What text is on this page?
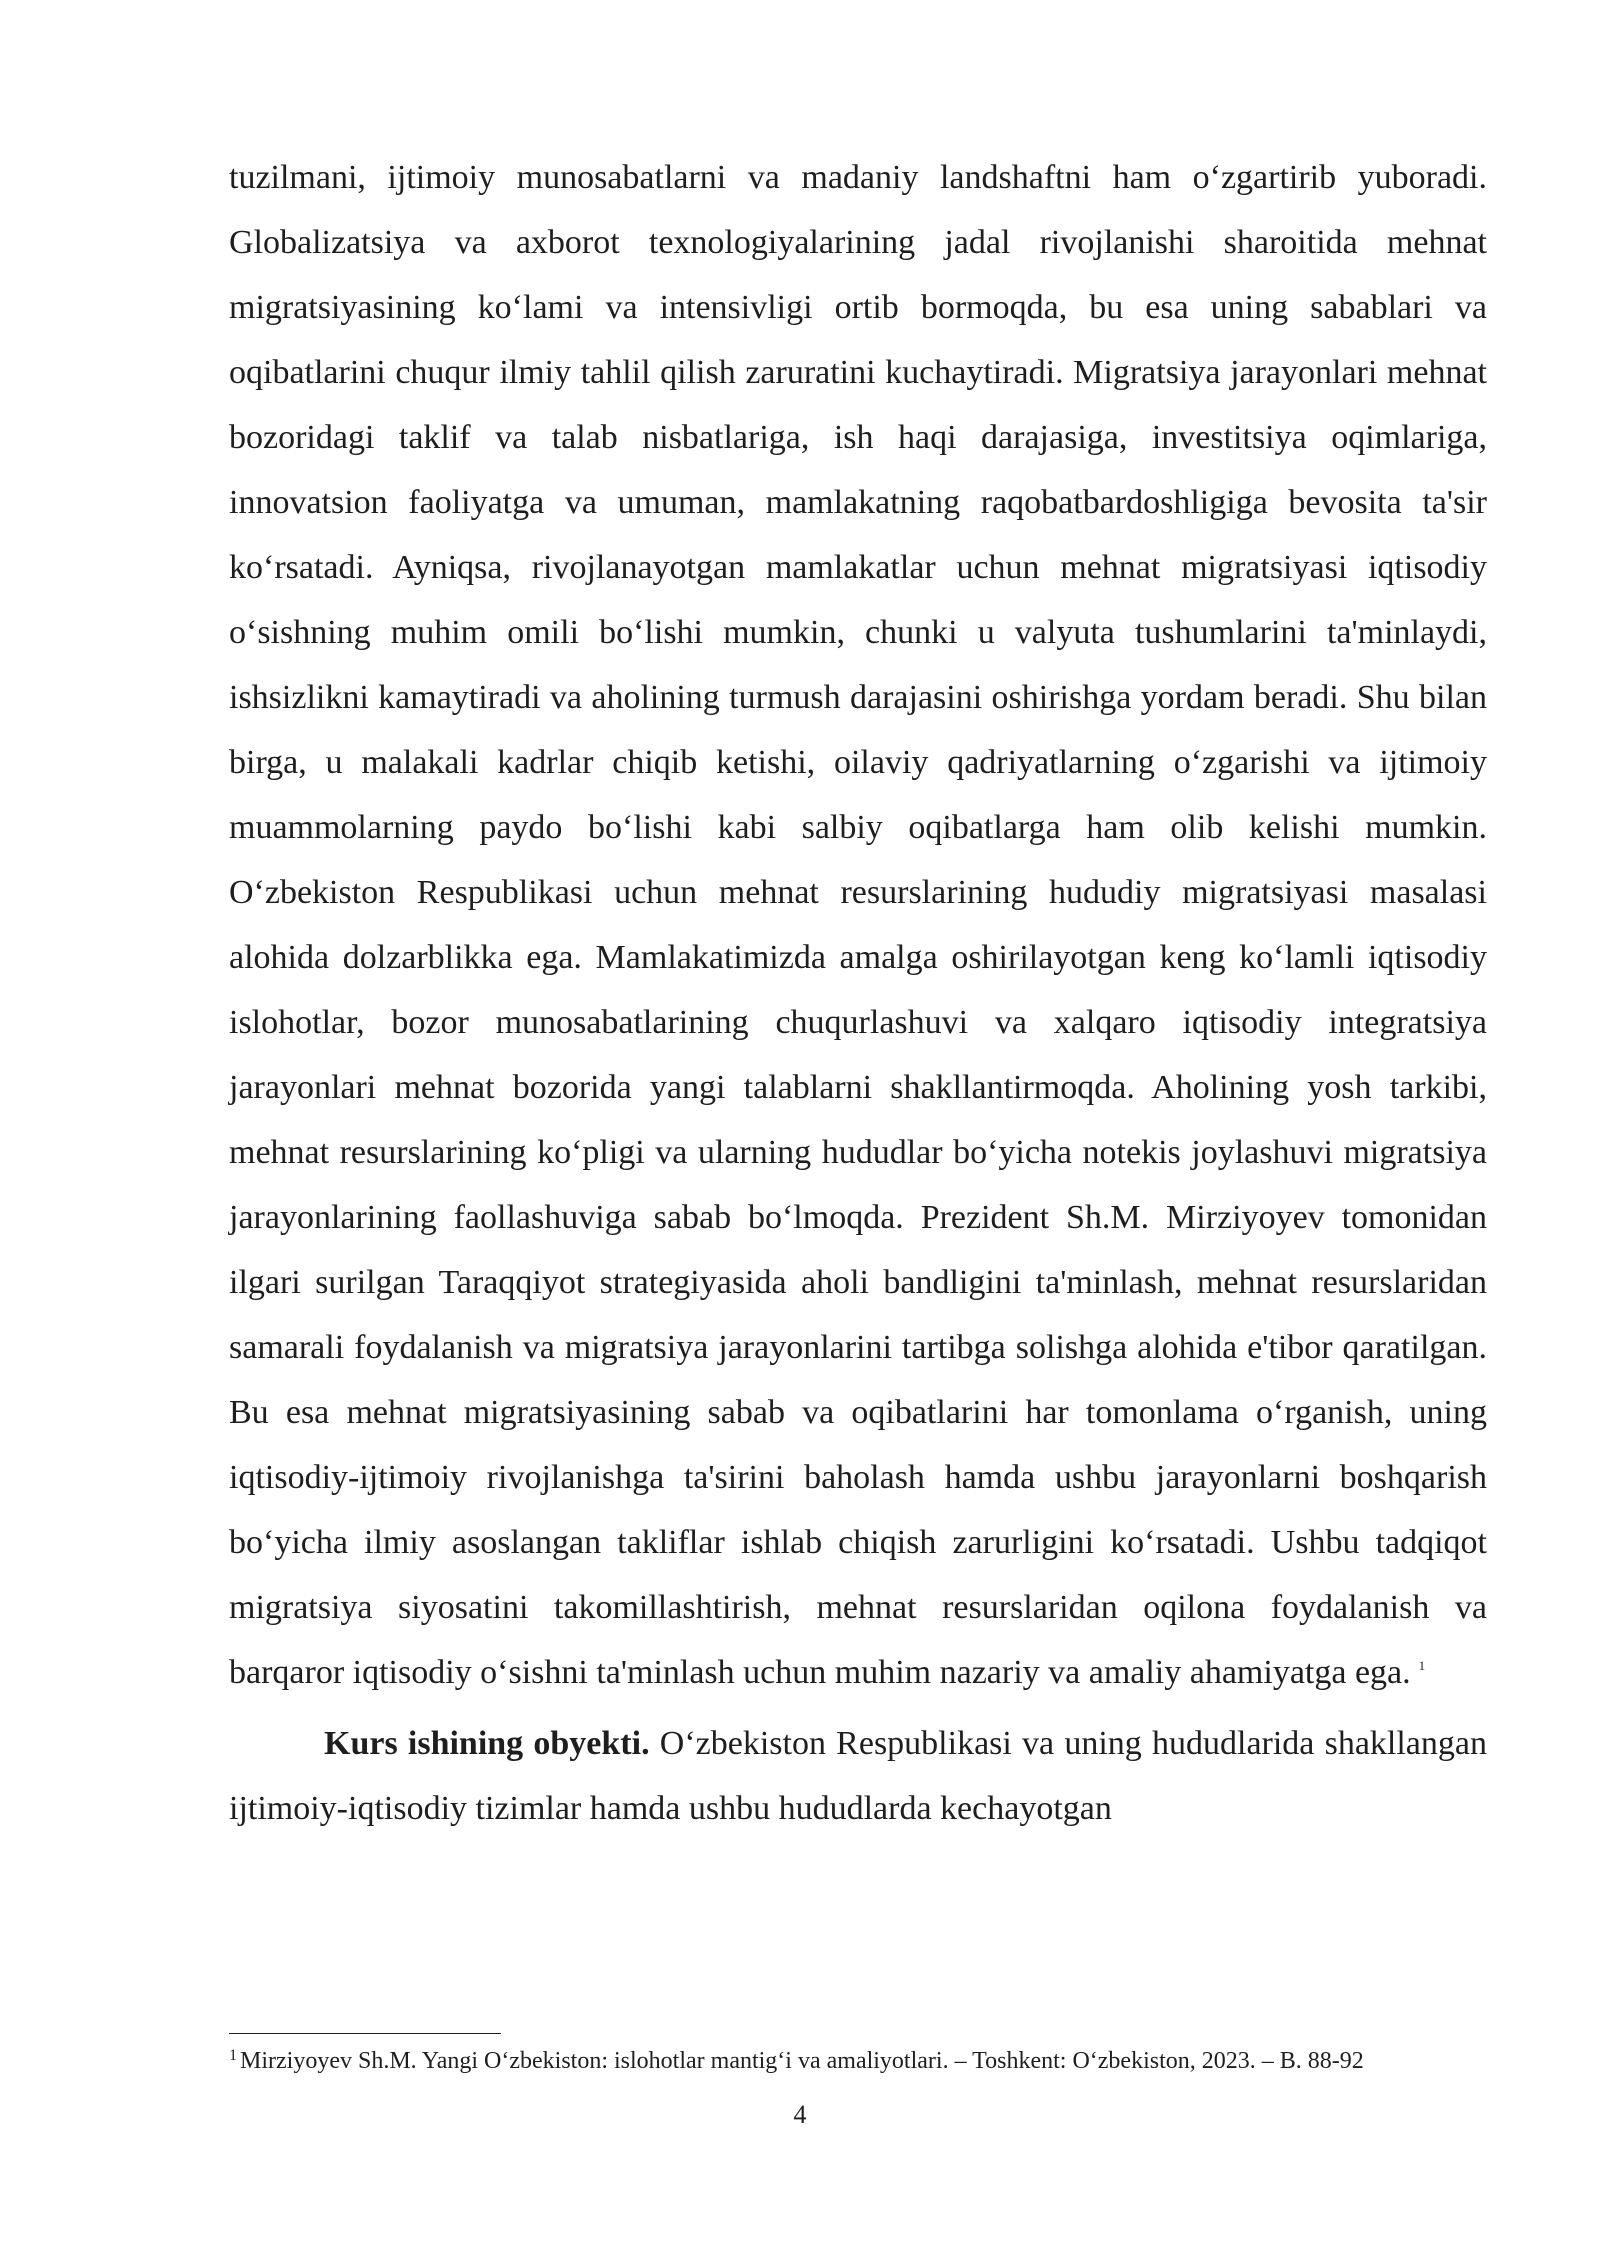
tuzilmani, ijtimoiy munosabatlarni va madaniy landshaftni ham oʻzgartirib yuboradi. Globalizatsiya va axborot texnologiyalarining jadal rivojlanishi sharoitida mehnat migratsiyasining koʻlami va intensivligi ortib bormoqda, bu esa uning sabablari va oqibatlarini chuqur ilmiy tahlil qilish zaruratini kuchaytiradi. Migratsiya jarayonlari mehnat bozoridagi taklif va talab nisbatlariga, ish haqi darajasiga, investitsiya oqimlariga, innovatsion faoliyatga va umuman, mamlakatning raqobatbardoshligiga bevosita ta'sir koʻrsatadi. Ayniqsa, rivojlanayotgan mamlakatlar uchun mehnat migratsiyasi iqtisodiy oʻsishning muhim omili boʻlishi mumkin, chunki u valyuta tushumlarini ta'minlaydi, ishsizlikni kamaytiradi va aholining turmush darajasini oshirishga yordam beradi. Shu bilan birga, u malakali kadrlar chiqib ketishi, oilaviy qadriyatlarning oʻzgarishi va ijtimoiy muammolarning paydo boʻlishi kabi salbiy oqibatlarga ham olib kelishi mumkin. Oʻzbekiston Respublikasi uchun mehnat resurslarining hududiy migratsiyasi masalasi alohida dolzarblikka ega. Mamlakatimizda amalga oshirilayotgan keng koʻlamli iqtisodiy islohotlar, bozor munosabatlarining chuqurlashuvi va xalqaro iqtisodiy integratsiya jarayonlari mehnat bozorida yangi talablarni shakllantirmoqda. Aholining yosh tarkibi, mehnat resurslarining koʻpligi va ularning hududlar boʻyicha notekis joylashuvi migratsiya jarayonlarining faollashuviga sabab boʻlmoqda. Prezident Sh.M. Mirziyoyev tomonidan ilgari surilgan Taraqqiyot strategiyasida aholi bandligini ta'minlash, mehnat resurslaridan samarali foydalanish va migratsiya jarayonlarini tartibga solishga alohida e'tibor qaratilgan. Bu esa mehnat migratsiyasining sabab va oqibatlarini har tomonlama oʻrganish, uning iqtisodiy-ijtimoiy rivojlanishga ta'sirini baholash hamda ushbu jarayonlarni boshqarish boʻyicha ilmiy asoslangan takliflar ishlab chiqish zarurligini koʻrsatadi. Ushbu tadqiqot migratsiya siyosatini takomillashtirish, mehnat resurslaridan oqilona foydalanish va barqaror iqtisodiy oʻsishni ta'minlash uchun muhim nazariy va amaliy ahamiyatga ega. $^1$

Kurs ishining obyekti. Oʻzbekiston Respublikasi va uning hududlarida shakllangan ijtimoiy-iqtisodiy tizimlar hamda ushbu hududlarda kechayotgan

$^1$ Mirziyoyev Sh.M. Yangi Oʻzbekiston: islohotlar mantigʻi va amaliyotlari. – Toshkent: Oʻzbekiston, 2023. – B. 88-92

4
